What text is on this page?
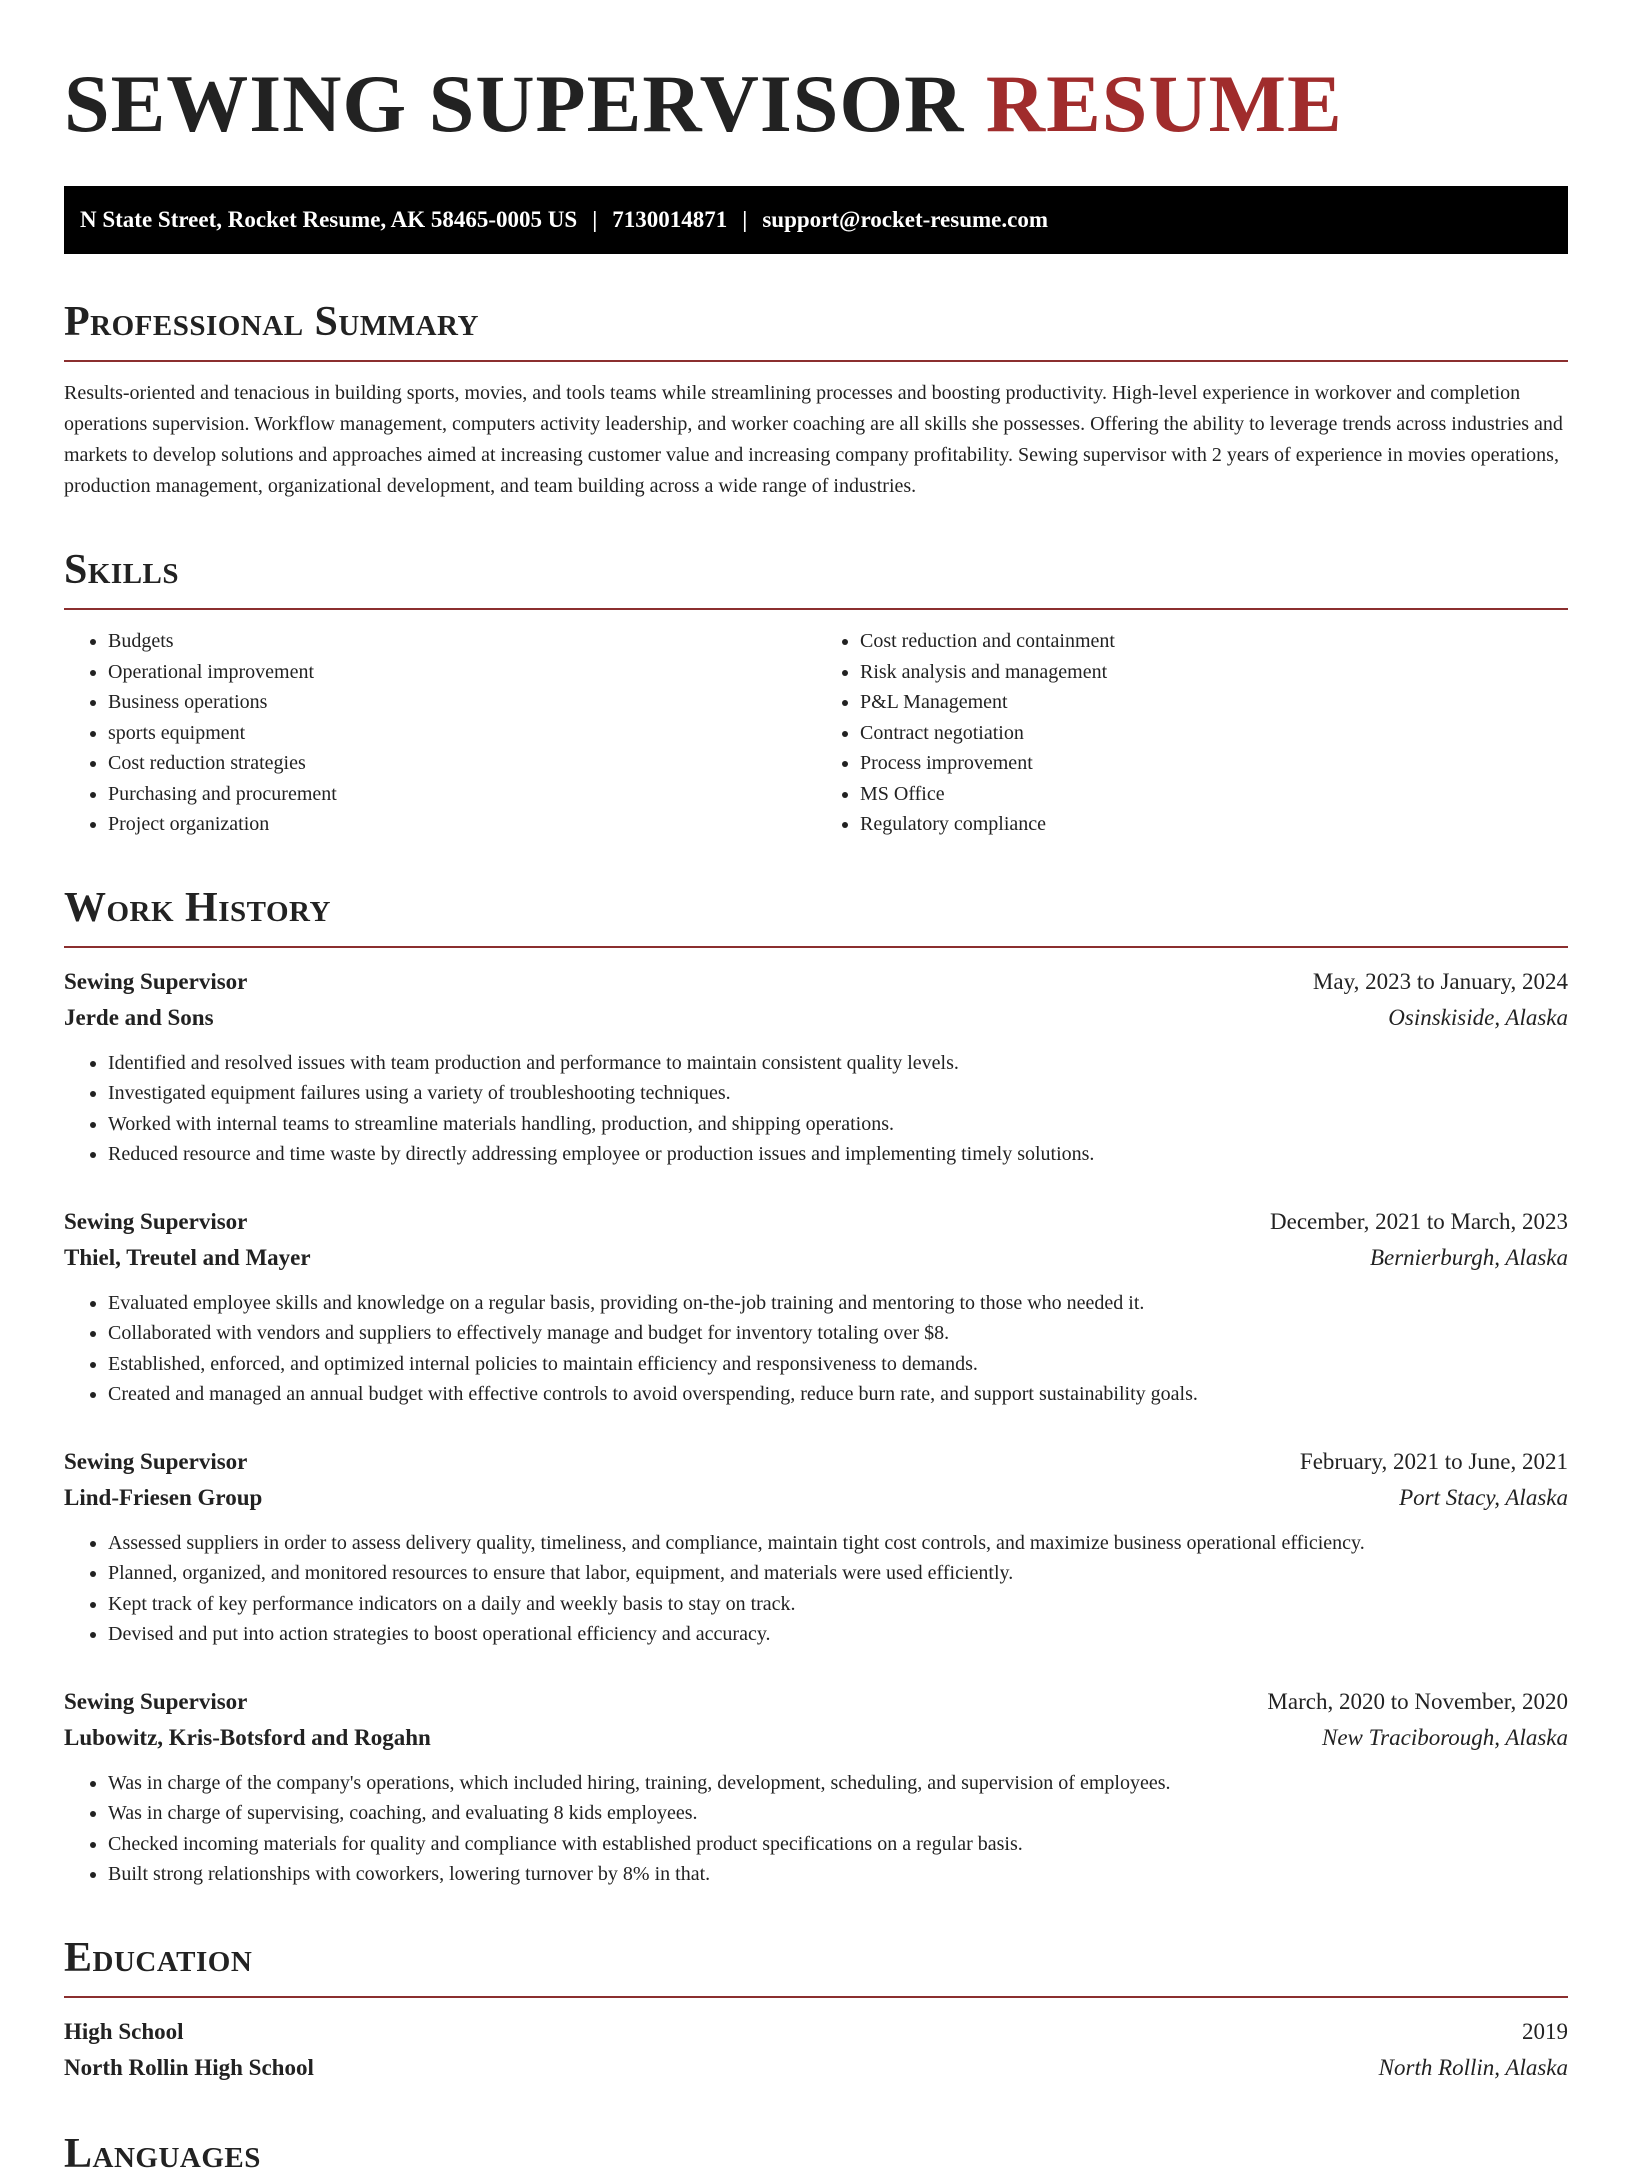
SEWING SUPERVISOR RESUME
N State Street, Rocket Resume, AK 58465-0005 US | 7130014871 | support@rocket-resume.com
Professional Summary

Results-oriented and tenacious in building sports, movies, and tools teams while streamlining processes and boosting productivity. High-level experience in workover and completion operations supervision. Workflow management, computers activity leadership, and worker coaching are all skills she possesses. Offering the ability to leverage trends across industries and markets to develop solutions and approaches aimed at increasing customer value and increasing company profitability. Sewing supervisor with 2 years of experience in movies operations, production management, organizational development, and team building across a wide range of industries.

Skills
• Budgets
• Operational improvement
• Business operations
• sports equipment
• Cost reduction strategies
• Purchasing and procurement
• Project organization
• Cost reduction and containment
• Risk analysis and management
• P&L Management
• Contract negotiation
• Process improvement
• MS Office
• Regulatory compliance
Work History
Sewing Supervisor	May, 2023 to January, 2024
Jerde and Sons	Osinskiside, Alaska
• Identified and resolved issues with team production and performance to maintain consistent quality levels.
• Investigated equipment failures using a variety of troubleshooting techniques.
• Worked with internal teams to streamline materials handling, production, and shipping operations.
• Reduced resource and time waste by directly addressing employee or production issues and implementing timely solutions.
Sewing Supervisor	December, 2021 to March, 2023
Thiel, Treutel and Mayer	Bernierburgh, Alaska
• Evaluated employee skills and knowledge on a regular basis, providing on-the-job training and mentoring to those who needed it.
• Collaborated with vendors and suppliers to effectively manage and budget for inventory totaling over $8.
• Established, enforced, and optimized internal policies to maintain efficiency and responsiveness to demands.
• Created and managed an annual budget with effective controls to avoid overspending, reduce burn rate, and support sustainability goals.
Sewing Supervisor	February, 2021 to June, 2021
Lind-Friesen Group	Port Stacy, Alaska
• Assessed suppliers in order to assess delivery quality, timeliness, and compliance, maintain tight cost controls, and maximize business operational efficiency.
• Planned, organized, and monitored resources to ensure that labor, equipment, and materials were used efficiently.
• Kept track of key performance indicators on a daily and weekly basis to stay on track.
• Devised and put into action strategies to boost operational efficiency and accuracy.
Sewing Supervisor	March, 2020 to November, 2020
Lubowitz, Kris-Botsford and Rogahn	New Traciborough, Alaska
• Was in charge of the company's operations, which included hiring, training, development, scheduling, and supervision of employees.
• Was in charge of supervising, coaching, and evaluating 8 kids employees.
• Checked incoming materials for quality and compliance with established product specifications on a regular basis.
• Built strong relationships with coworkers, lowering turnover by 8% in that.
Education
High School	2019
North Rollin High School	North Rollin, Alaska
Languages
